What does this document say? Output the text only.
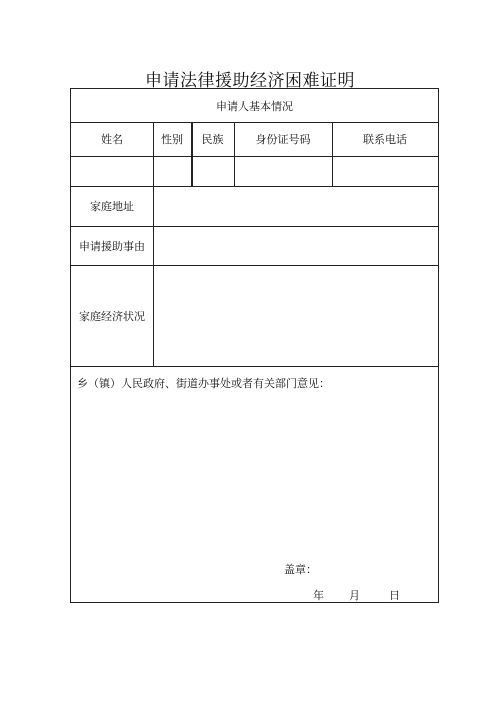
申请法律援助经济困难证明
申请人基本情况
姓名	性别	民族	身份证号码	联系电话
家庭地址
申请援助事由
家庭经济状况
乡（镇）人民政府、街道办事处或者有关部门意见：
盖章：
年 月	日
